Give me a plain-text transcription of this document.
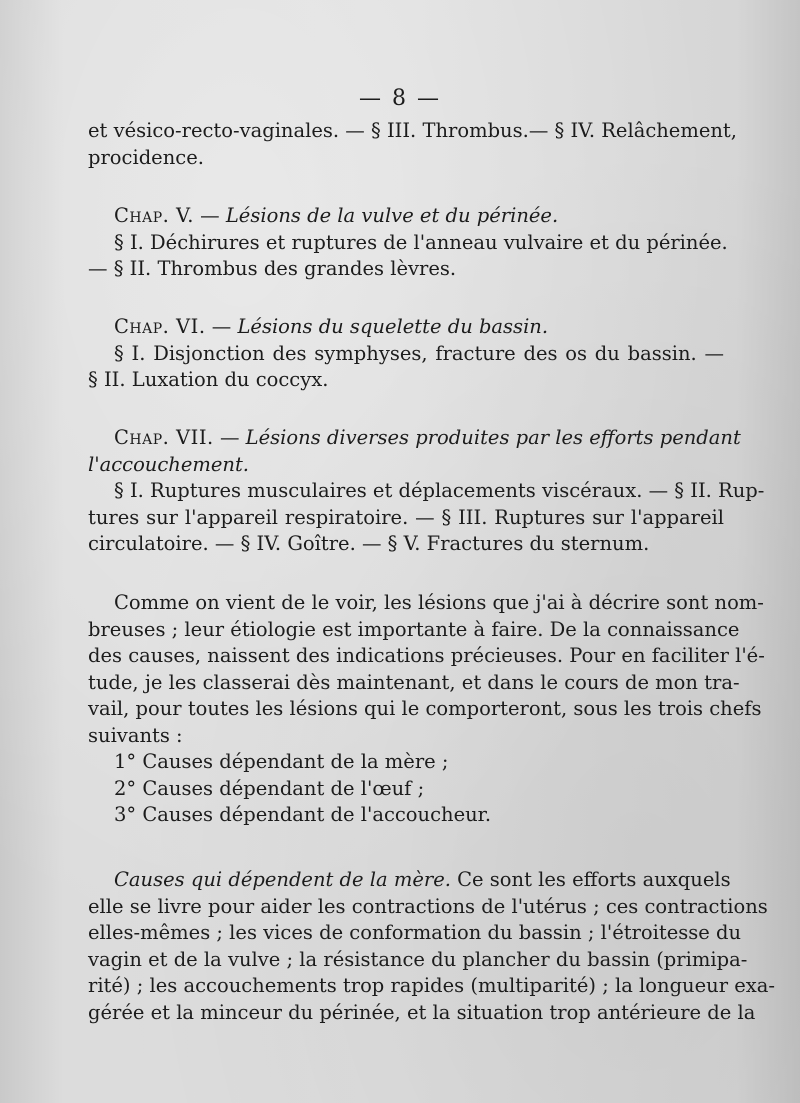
— 8 —
et vésico-recto-vaginales. — § III. Thrombus.— § IV. Relâchement,
procidence.
Chap. V. — Lésions de la vulve et du périnée.
§ I. Déchirures et ruptures de l'anneau vulvaire et du périnée.
— § II. Thrombus des grandes lèvres.
Chap. VI. — Lésions du squelette du bassin.
§ I. Disjonction des symphyses, fracture des os du bassin. —
§ II. Luxation du coccyx.
Chap. VII. — Lésions diverses produites par les efforts pendant
l'accouchement.
§ I. Ruptures musculaires et déplacements viscéraux. — § II. Rup-
tures sur l'appareil respiratoire. — § III. Ruptures sur l'appareil
circulatoire. — § IV. Goître. — § V. Fractures du sternum.
Comme on vient de le voir, les lésions que j'ai à décrire sont nom-
breuses ; leur étiologie est importante à faire. De la connaissance
des causes, naissent des indications précieuses. Pour en faciliter l'é-
tude, je les classerai dès maintenant, et dans le cours de mon tra-
vail, pour toutes les lésions qui le comporteront, sous les trois chefs
suivants :
1° Causes dépendant de la mère ;
2° Causes dépendant de l'œuf ;
3° Causes dépendant de l'accoucheur.
Causes qui dépendent de la mère. Ce sont les efforts auxquels
elle se livre pour aider les contractions de l'utérus ; ces contractions
elles-mêmes ; les vices de conformation du bassin ; l'étroitesse du
vagin et de la vulve ; la résistance du plancher du bassin (primipa-
rité) ; les accouchements trop rapides (multiparité) ; la longueur exa-
gérée et la minceur du périnée, et la situation trop antérieure de la
